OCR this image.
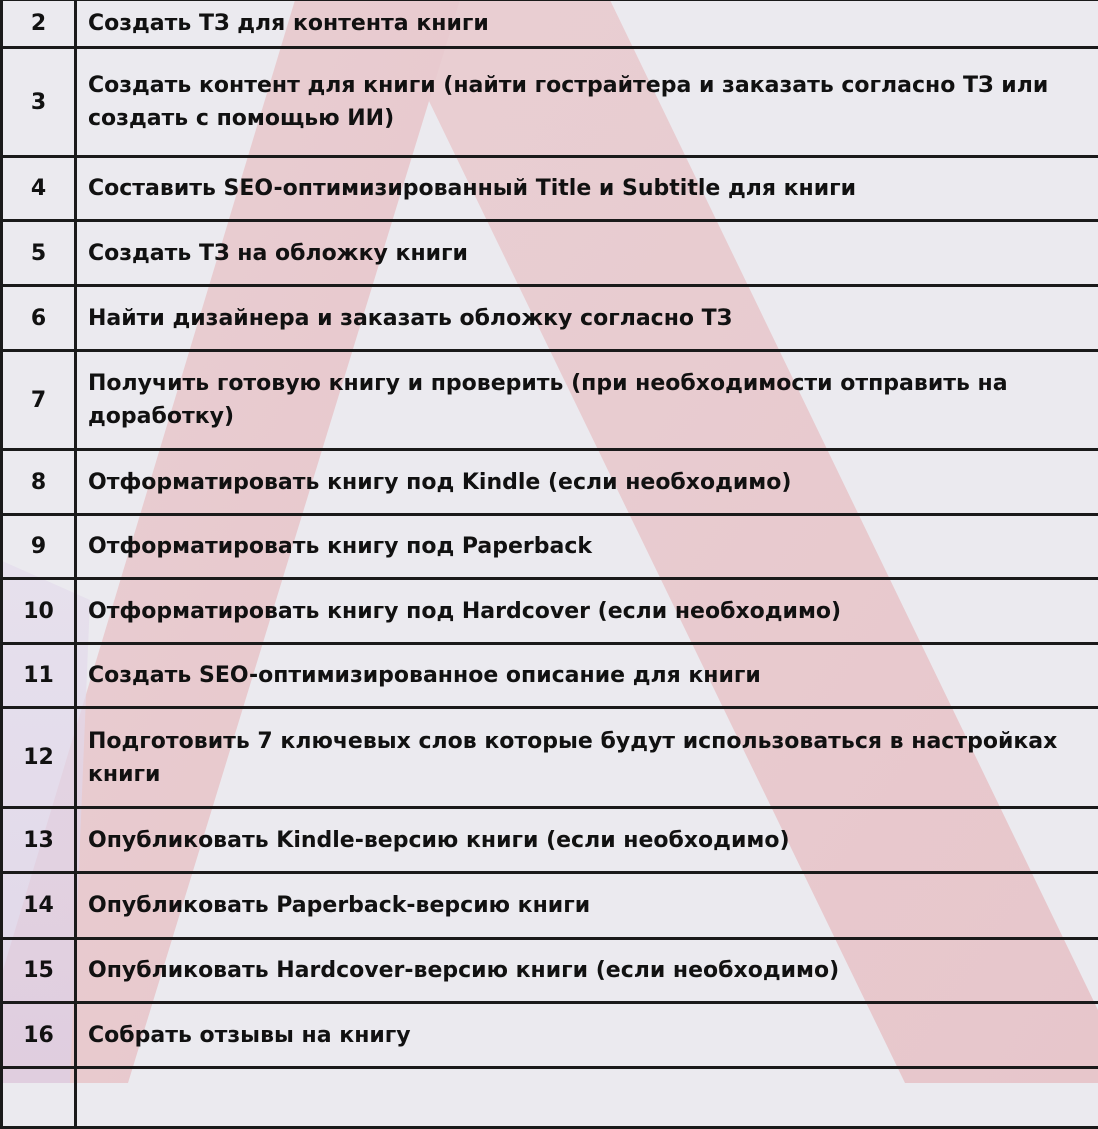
2	Создать ТЗ для контента книги
3	Создать контент для книги (найти гострайтера и заказать согласно ТЗ или создать с помощью ИИ)
4	Составить SEO-оптимизированный Title и Subtitle для книги
5	Создать ТЗ на обложку книги
6	Найти дизайнера и заказать обложку согласно ТЗ
7	Получить готовую книгу и проверить (при необходимости отправить на доработку)
8	Отформатировать книгу под Kindle (если необходимо)
9	Отформатировать книгу под Paperback
10	Отформатировать книгу под Hardcover (если необходимо)
11	Создать SEO-оптимизированное описание для книги
12	Подготовить 7 ключевых слов которые будут использоваться в настройках книги
13	Опубликовать Kindle-версию книги (если необходимо)
14	Опубликовать Paperback-версию книги
15	Опубликовать Hardcover-версию книги (если необходимо)
16	Собрать отзывы на книгу
